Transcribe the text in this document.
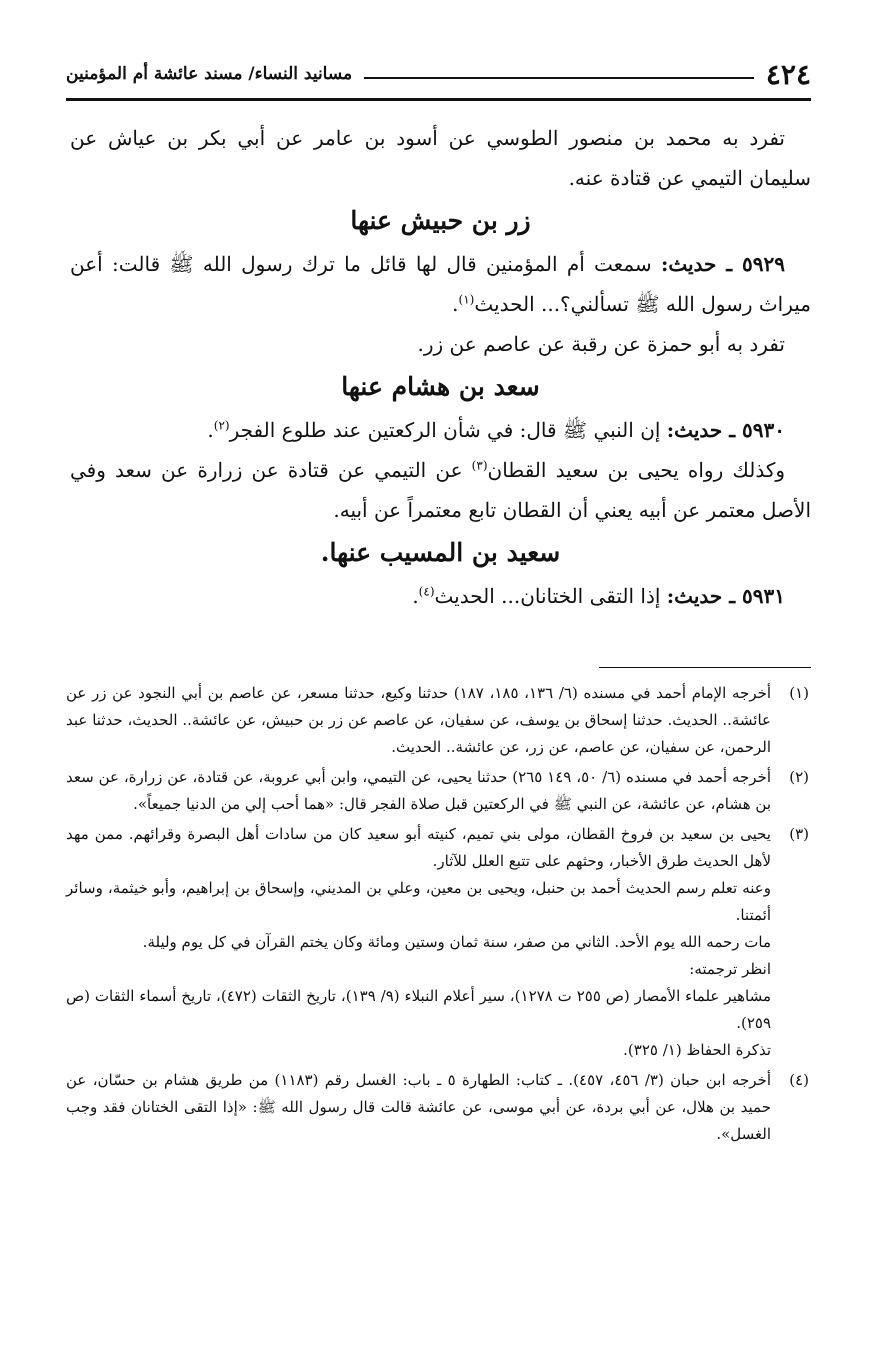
٤٢٤
مسانيد النساء/ مسند عائشة أم المؤمنين

تفرد به محمد بن منصور الطوسي عن أسود بن عامر عن أبي بكر بن عياش عن سليمان التيمي عن قتادة عنه.

زر بن حبيش عنها

٥٩٢٩ ـ حديث: سمعت أم المؤمنين قال لها قائل ما ترك رسول الله ﷺ قالت: أعن ميراث رسول الله ﷺ تسألني؟... الحديث$^{(١)}$.

تفرد به أبو حمزة عن رقبة عن عاصم عن زر.

سعد بن هشام عنها

٥٩٣٠ ـ حديث: إن النبي ﷺ قال: في شأن الركعتين عند طلوع الفجر$^{(٢)}$.

وكذلك رواه يحيى بن سعيد القطان$^{(٣)}$ عن التيمي عن قتادة عن زرارة عن سعد وفي الأصل معتمر عن أبيه يعني أن القطان تابع معتمراً عن أبيه.

سعيد بن المسيب عنها.

٥٩٣١ ـ حديث: إذا التقى الختانان... الحديث$^{(٤)}$.

(١)

أخرجه الإمام أحمد في مسنده (٦/ ١٣٦، ١٨٥، ١٨٧) حدثنا وكيع، حدثنا مسعر، عن عاصم بن أبي النجود عن زر عن عائشة.. الحديث. حدثنا إسحاق بن يوسف، عن سفيان، عن عاصم عن زر بن حبيش، عن عائشة.. الحديث، حدثنا عبد الرحمن، عن سفيان، عن عاصم، عن زر، عن عائشة.. الحديث.

(٢)

أخرجه أحمد في مسنده (٦/ ٥٠، ١٤٩ ٢٦٥) حدثنا يحيى، عن التيمي، وابن أبي عروبة، عن قتادة، عن زرارة، عن سعد بن هشام، عن عائشة، عن النبي ﷺ في الركعتين قبل صلاة الفجر قال: «هما أحب إلي من الدنيا جميعاً».

(٣)

يحيى بن سعيد بن فروخ القطان، مولى بني تميم، كنيته أبو سعيد كان من سادات أهل البصرة وقرائهم. ممن مهد لأهل الحديث طرق الأخبار، وحثهم على تتبع العلل للآثار.

وعنه تعلم رسم الحديث أحمد بن حنبل، ويحيى بن معين، وعلي بن المديني، وإسحاق بن إبراهيم، وأبو خيثمة، وسائر أئمتنا.

مات رحمه الله يوم الأحد. الثاني من صفر، سنة ثمان وستين ومائة وكان يختم القرآن في كل يوم وليلة.

انظر ترجمته:

مشاهير علماء الأمصار (ص ٢٥٥ ت ١٢٧٨)، سير أعلام النبلاء (٩/ ١٣٩)، تاريخ الثقات (٤٧٢)، تاريخ أسماء الثقات (ص ٢٥٩).

تذكرة الحفاظ (١/ ٣٢٥).

(٤)

أخرجه ابن حبان (٣/ ٤٥٦، ٤٥٧). ـ كتاب: الطهارة ٥ ـ باب: الغسل رقم (١١٨٣) من طريق هشام بن حسّان، عن حميد بن هلال، عن أبي بردة، عن أبي موسى، عن عائشة قالت قال رسول الله ﷺ: «إذا التقى الختانان فقد وجب الغسل».
